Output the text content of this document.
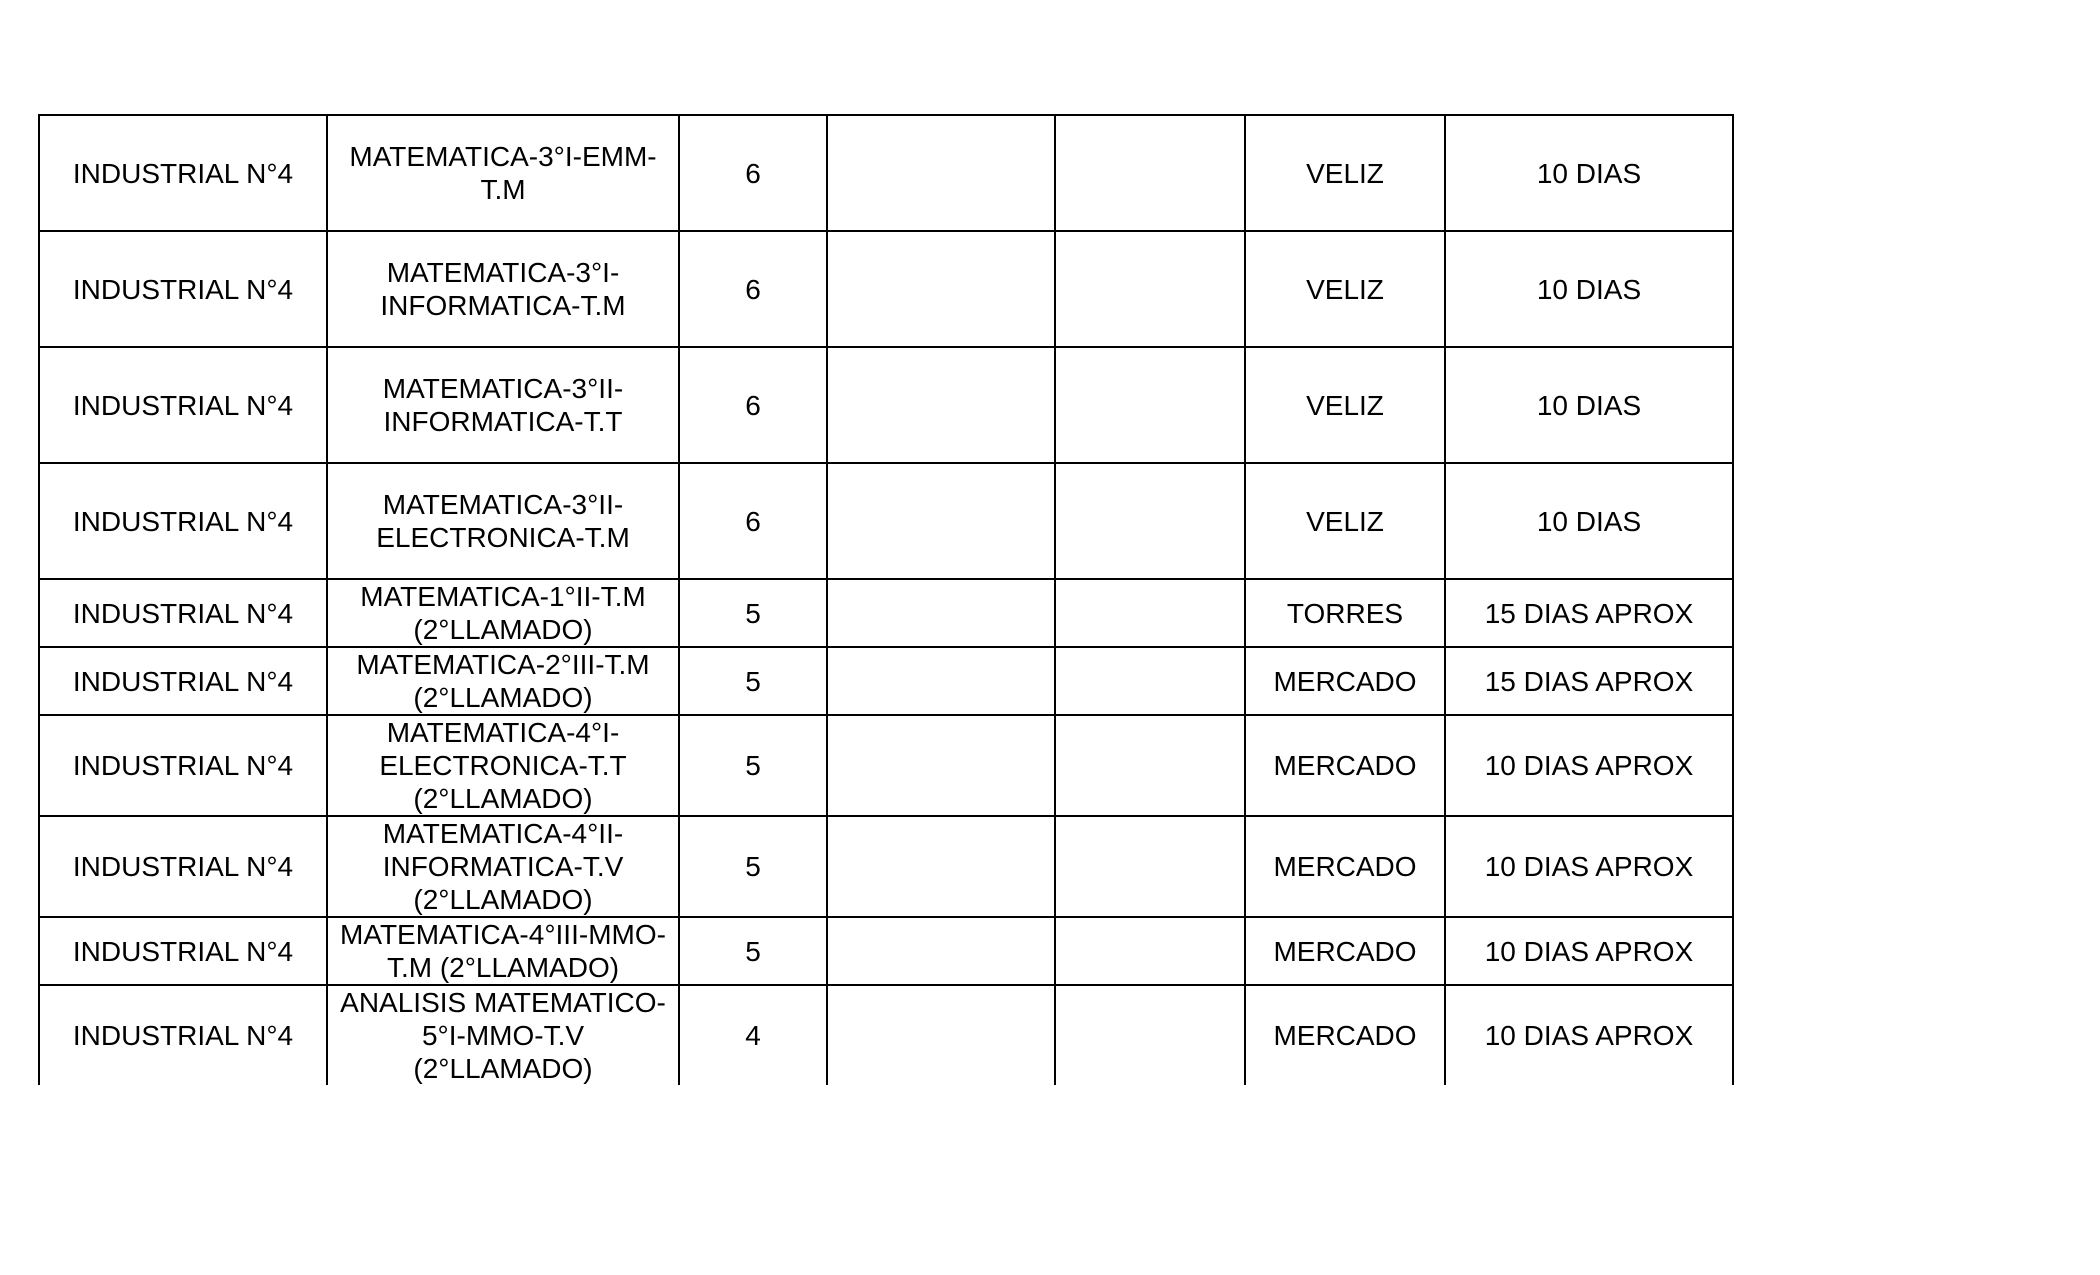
INDUSTRIAL N°4	MATEMATICA-3°I-EMM-T.M	6			VELIZ	10 DIAS
INDUSTRIAL N°4	MATEMATICA-3°I-INFORMATICA-T.M	6			VELIZ	10 DIAS
INDUSTRIAL N°4	MATEMATICA-3°II-INFORMATICA-T.T	6			VELIZ	10 DIAS
INDUSTRIAL N°4	MATEMATICA-3°II-ELECTRONICA-T.M	6			VELIZ	10 DIAS
INDUSTRIAL N°4	MATEMATICA-1°II-T.M (2°LLAMADO)	5			TORRES	15 DIAS APROX
INDUSTRIAL N°4	MATEMATICA-2°III-T.M (2°LLAMADO)	5			MERCADO	15 DIAS APROX
INDUSTRIAL N°4	MATEMATICA-4°I-ELECTRONICA-T.T (2°LLAMADO)	5			MERCADO	10 DIAS APROX
INDUSTRIAL N°4	MATEMATICA-4°II-INFORMATICA-T.V (2°LLAMADO)	5			MERCADO	10 DIAS APROX
INDUSTRIAL N°4	MATEMATICA-4°III-MMO-T.M (2°LLAMADO)	5			MERCADO	10 DIAS APROX
INDUSTRIAL N°4	ANALISIS MATEMATICO-5°I-MMO-T.V (2°LLAMADO)	4			MERCADO	10 DIAS APROX
